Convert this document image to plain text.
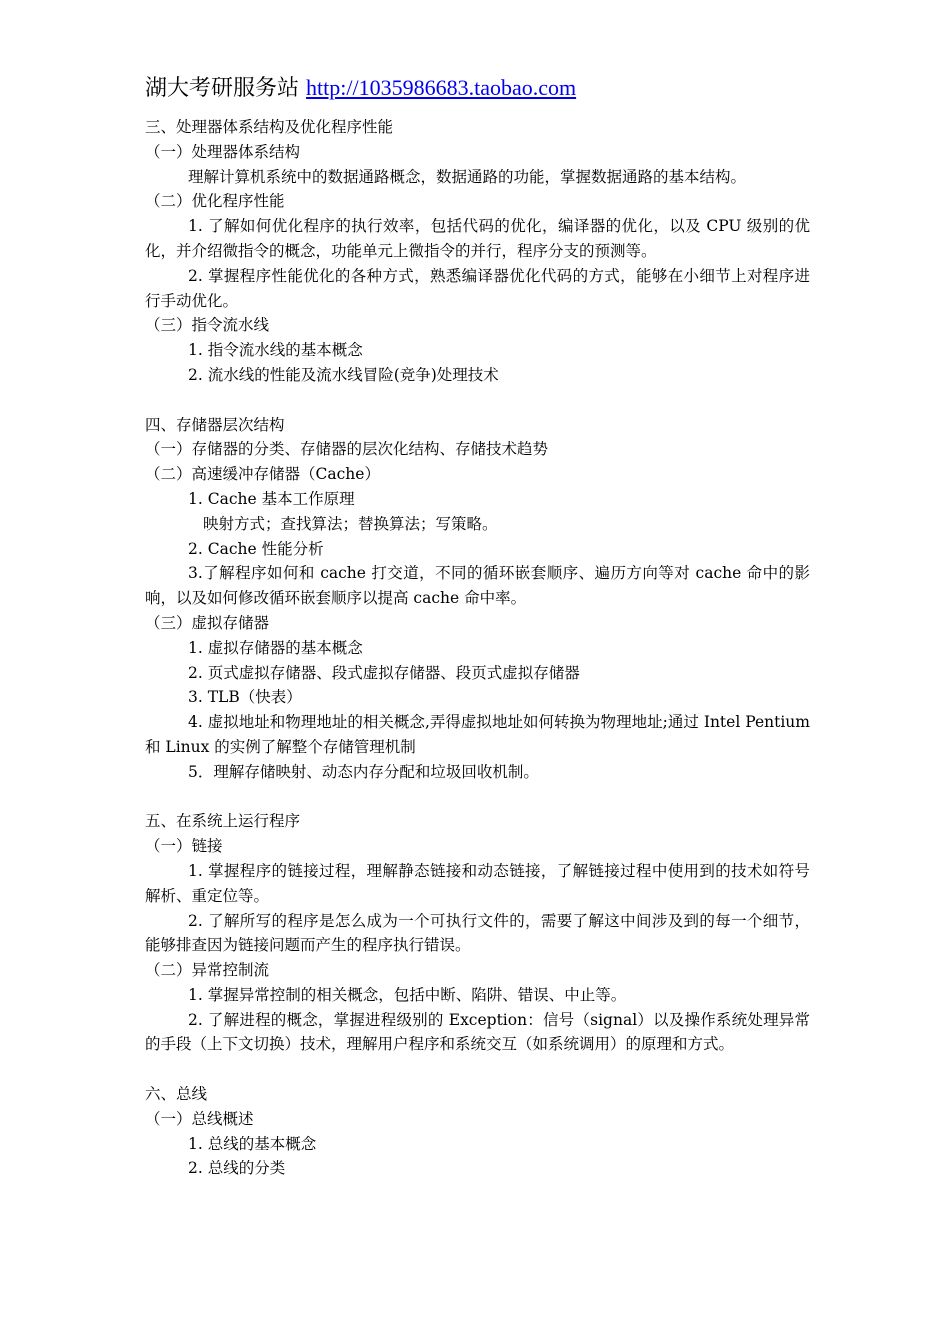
湖大考研服务站 http://1035986683.taobao.com
三、处理器体系结构及优化程序性能
（一）处理器体系结构
理解计算机系统中的数据通路概念，数据通路的功能，掌握数据通路的基本结构。
（二）优化程序性能
1. 了解如何优化程序的执行效率，包括代码的优化，编译器的优化，以及 CPU 级别的优化，并介绍微指令的概念，功能单元上微指令的并行，程序分支的预测等。
2. 掌握程序性能优化的各种方式，熟悉编译器优化代码的方式，能够在小细节上对程序进行手动优化。
（三）指令流水线
1. 指令流水线的基本概念
2. 流水线的性能及流水线冒险(竞争)处理技术
四、存储器层次结构
（一）存储器的分类、存储器的层次化结构、存储技术趋势
（二）高速缓冲存储器（Cache）
1. Cache 基本工作原理
映射方式；查找算法；替换算法；写策略。
2. Cache 性能分析
3.了解程序如何和 cache 打交道，不同的循环嵌套顺序、遍历方向等对 cache 命中的影响，以及如何修改循环嵌套顺序以提高 cache 命中率。
（三）虚拟存储器
1. 虚拟存储器的基本概念
2. 页式虚拟存储器、段式虚拟存储器、段页式虚拟存储器
3. TLB（快表）
4. 虚拟地址和物理地址的相关概念,弄得虚拟地址如何转换为物理地址;通过 Intel Pentium 和 Linux 的实例了解整个存储管理机制
5．理解存储映射、动态内存分配和垃圾回收机制。
五、在系统上运行程序
（一）链接
1. 掌握程序的链接过程，理解静态链接和动态链接，了解链接过程中使用到的技术如符号解析、重定位等。
2. 了解所写的程序是怎么成为一个可执行文件的，需要了解这中间涉及到的每一个细节，能够排查因为链接问题而产生的程序执行错误。
（二）异常控制流
1. 掌握异常控制的相关概念，包括中断、陷阱、错误、中止等。
2. 了解进程的概念，掌握进程级别的 Exception：信号（signal）以及操作系统处理异常的手段（上下文切换）技术，理解用户程序和系统交互（如系统调用）的原理和方式。
六、总线
（一）总线概述
1. 总线的基本概念
2. 总线的分类
